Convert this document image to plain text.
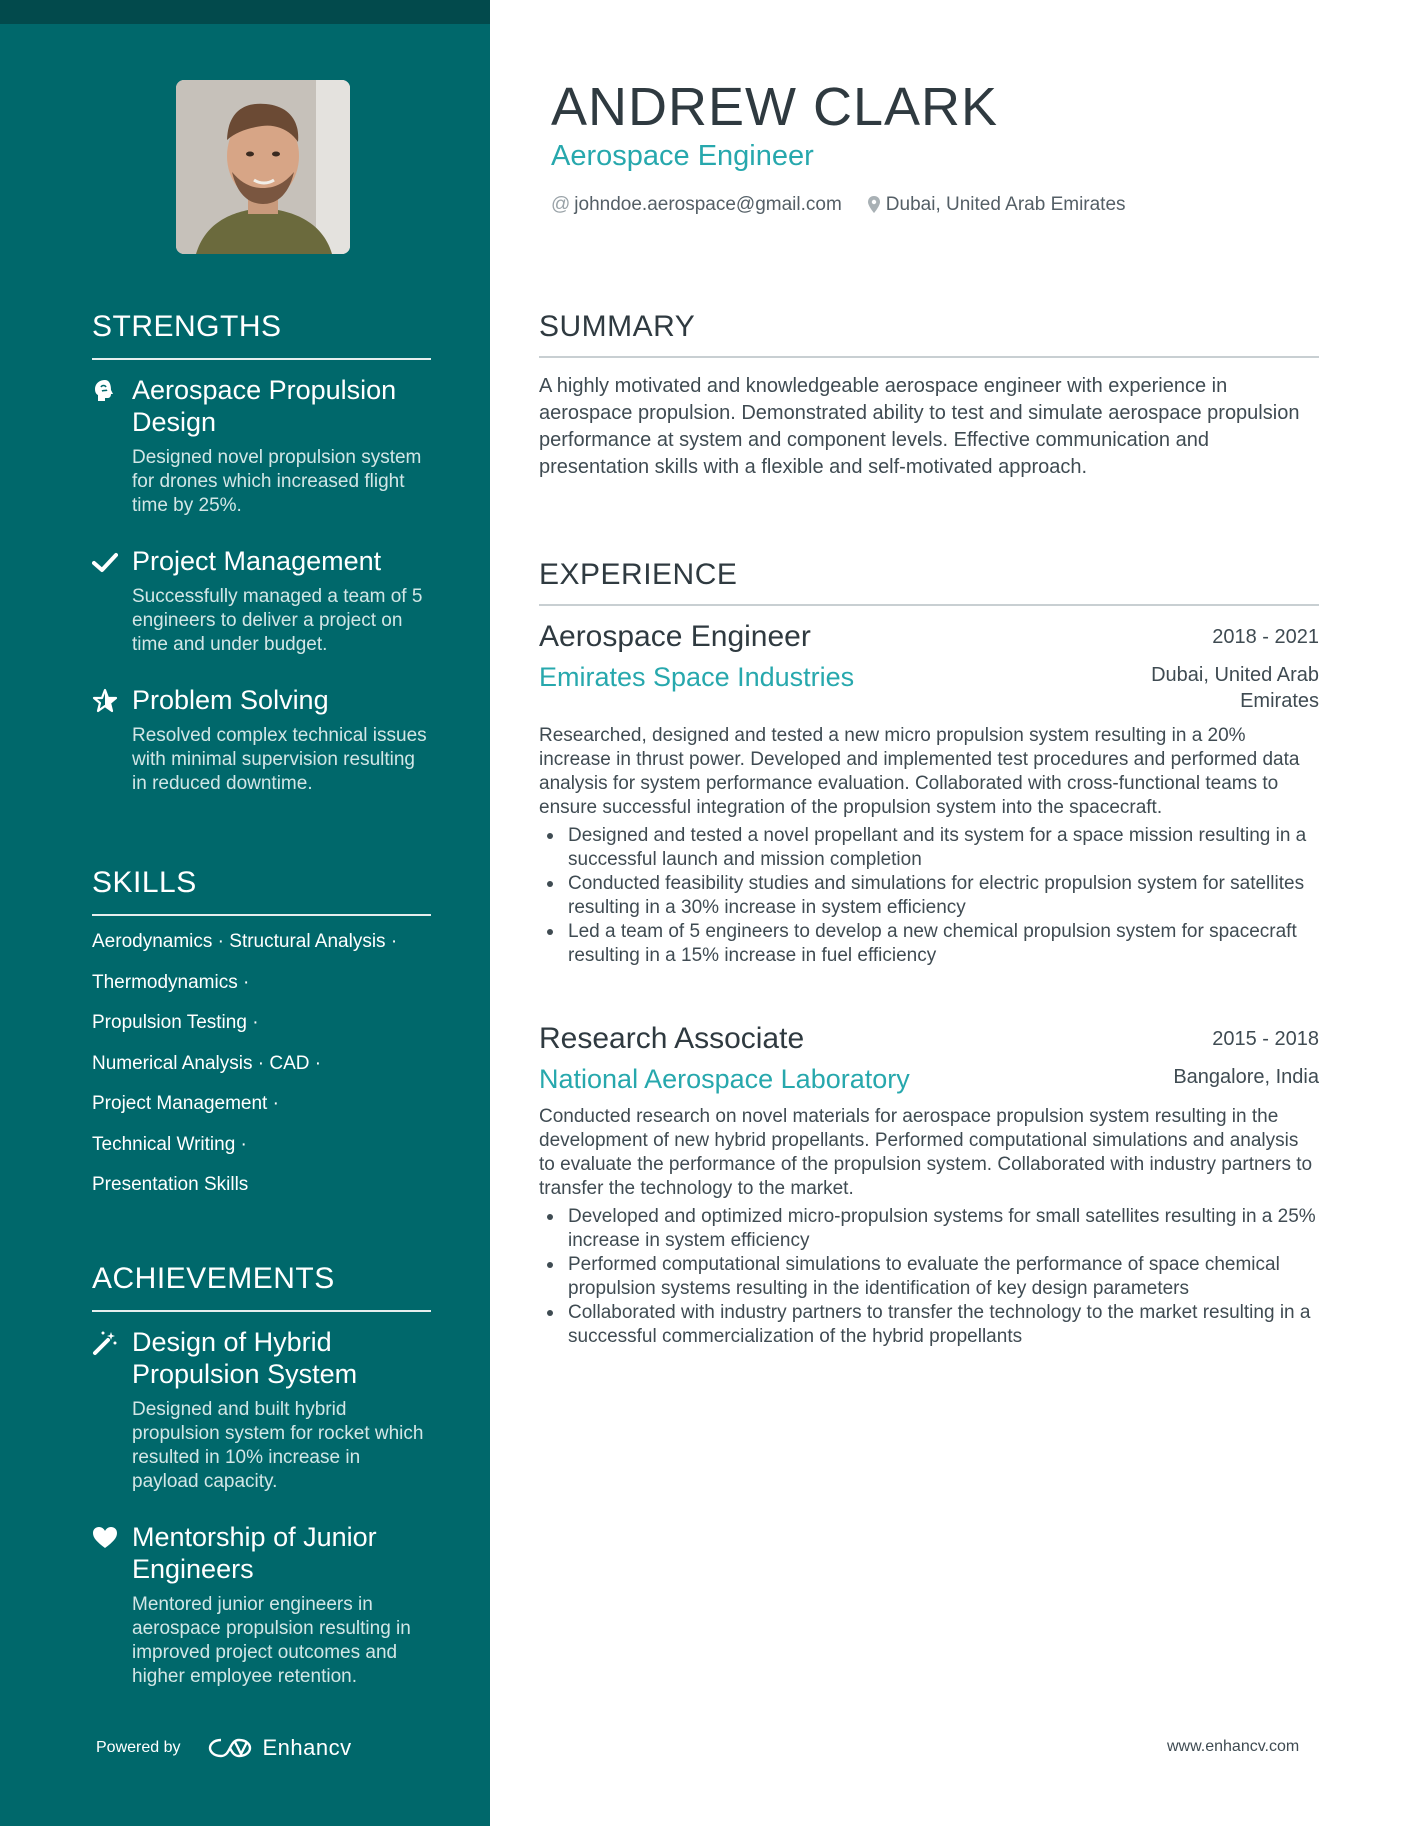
STRENGTHS
Aerospace Propulsion Design
Designed novel propulsion system for drones which increased flight time by 25%.
Project Management
Successfully managed a team of 5 engineers to deliver a project on time and under budget.
Problem Solving
Resolved complex technical issues with minimal supervision resulting in reduced downtime.
SKILLS
Aerodynamics · Structural Analysis ·
Thermodynamics ·
Propulsion Testing ·
Numerical Analysis · CAD ·
Project Management ·
Technical Writing ·
Presentation Skills
ACHIEVEMENTS
Design of Hybrid Propulsion System
Designed and built hybrid propulsion system for rocket which resulted in 10% increase in payload capacity.
Mentorship of Junior Engineers
Mentored junior engineers in aerospace propulsion resulting in improved project outcomes and higher employee retention.
Powered by	Enhancv
ANDREW CLARK
Aerospace Engineer
@ johndoe.aerospace@gmail.com Dubai, United Arab Emirates
SUMMARY

A highly motivated and knowledgeable aerospace engineer with experience in aerospace propulsion. Demonstrated ability to test and simulate aerospace propulsion performance at system and component levels. Effective communication and presentation skills with a flexible and self-motivated approach.

EXPERIENCE
Aerospace Engineer	2018 - 2021
Emirates Space Industries	Dubai, United Arab Emirates

Researched, designed and tested a new micro propulsion system resulting in a 20% increase in thrust power. Developed and implemented test procedures and performed data analysis for system performance evaluation. Collaborated with cross-functional teams to ensure successful integration of the propulsion system into the spacecraft.

Designed and tested a novel propellant and its system for a space mission resulting in a successful launch and mission completion
Conducted feasibility studies and simulations for electric propulsion system for satellites resulting in a 30% increase in system efficiency
Led a team of 5 engineers to develop a new chemical propulsion system for spacecraft resulting in a 15% increase in fuel efficiency
Research Associate	2015 - 2018
National Aerospace Laboratory	Bangalore, India

Conducted research on novel materials for aerospace propulsion system resulting in the development of new hybrid propellants. Performed computational simulations and analysis to evaluate the performance of the propulsion system. Collaborated with industry partners to transfer the technology to the market.

Developed and optimized micro-propulsion systems for small satellites resulting in a 25% increase in system efficiency
Performed computational simulations to evaluate the performance of space chemical propulsion systems resulting in the identification of key design parameters
Collaborated with industry partners to transfer the technology to the market resulting in a successful commercialization of the hybrid propellants
www.enhancv.com
